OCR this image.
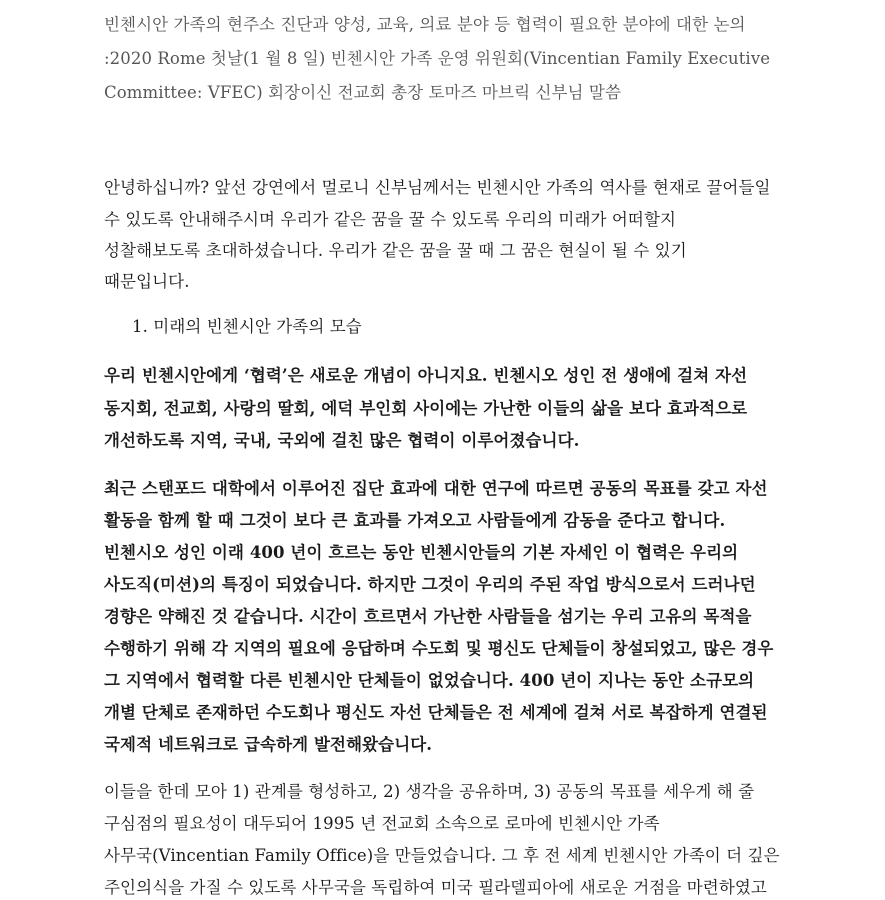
빈첸시안 가족의 현주소 진단과 양성, 교육, 의료 분야 등 협력이 필요한 분야에 대한 논의
:2020 Rome 첫날(1 월 8 일) 빈첸시안 가족 운영 위원회(Vincentian Family Executive
Committee: VFEC) 회장이신 전교회 총장 토마즈 마브릭 신부님 말씀
안녕하십니까? 앞선 강연에서 멀로니 신부님께서는 빈첸시안 가족의 역사를 현재로 끌어들일
수 있도록 안내해주시며 우리가 같은 꿈을 꿀 수 있도록 우리의 미래가 어떠할지
성찰해보도록 초대하셨습니다. 우리가 같은 꿈을 꿀 때 그 꿈은 현실이 될 수 있기
때문입니다.
1. 미래의 빈첸시안 가족의 모습
우리 빈첸시안에게 ‘협력’은 새로운 개념이 아니지요. 빈첸시오 성인 전 생애에 걸쳐 자선
동지회, 전교회, 사랑의 딸회, 에덕 부인회 사이에는 가난한 이들의 삶을 보다 효과적으로
개선하도록 지역, 국내, 국외에 걸친 많은 협력이 이루어졌습니다.
최근 스탠포드 대학에서 이루어진 집단 효과에 대한 연구에 따르면 공동의 목표를 갖고 자선
활동을 함께 할 때 그것이 보다 큰 효과를 가져오고 사람들에게 감동을 준다고 합니다.
빈첸시오 성인 이래 400 년이 흐르는 동안 빈첸시안들의 기본 자세인 이 협력은 우리의
사도직(미션)의 특징이 되었습니다. 하지만 그것이 우리의 주된 작업 방식으로서 드러나던
경향은 약해진 것 같습니다. 시간이 흐르면서 가난한 사람들을 섬기는 우리 고유의 목적을
수행하기 위해 각 지역의 필요에 응답하며 수도회 및 평신도 단체들이 창설되었고, 많은 경우
그 지역에서 협력할 다른 빈첸시안 단체들이 없었습니다. 400 년이 지나는 동안 소규모의
개별 단체로 존재하던 수도회나 평신도 자선 단체들은 전 세계에 걸쳐 서로 복잡하게 연결된
국제적 네트워크로 급속하게 발전해왔습니다.
이들을 한데 모아 1) 관계를 형성하고, 2) 생각을 공유하며, 3) 공동의 목표를 세우게 해 줄
구심점의 필요성이 대두되어 1995 년 전교회 소속으로 로마에 빈첸시안 가족
사무국(Vincentian Family Office)을 만들었습니다. 그 후 전 세계 빈첸시안 가족이 더 깊은
주인의식을 가질 수 있도록 사무국을 독립하여 미국 필라델피아에 새로운 거점을 마련하였고
